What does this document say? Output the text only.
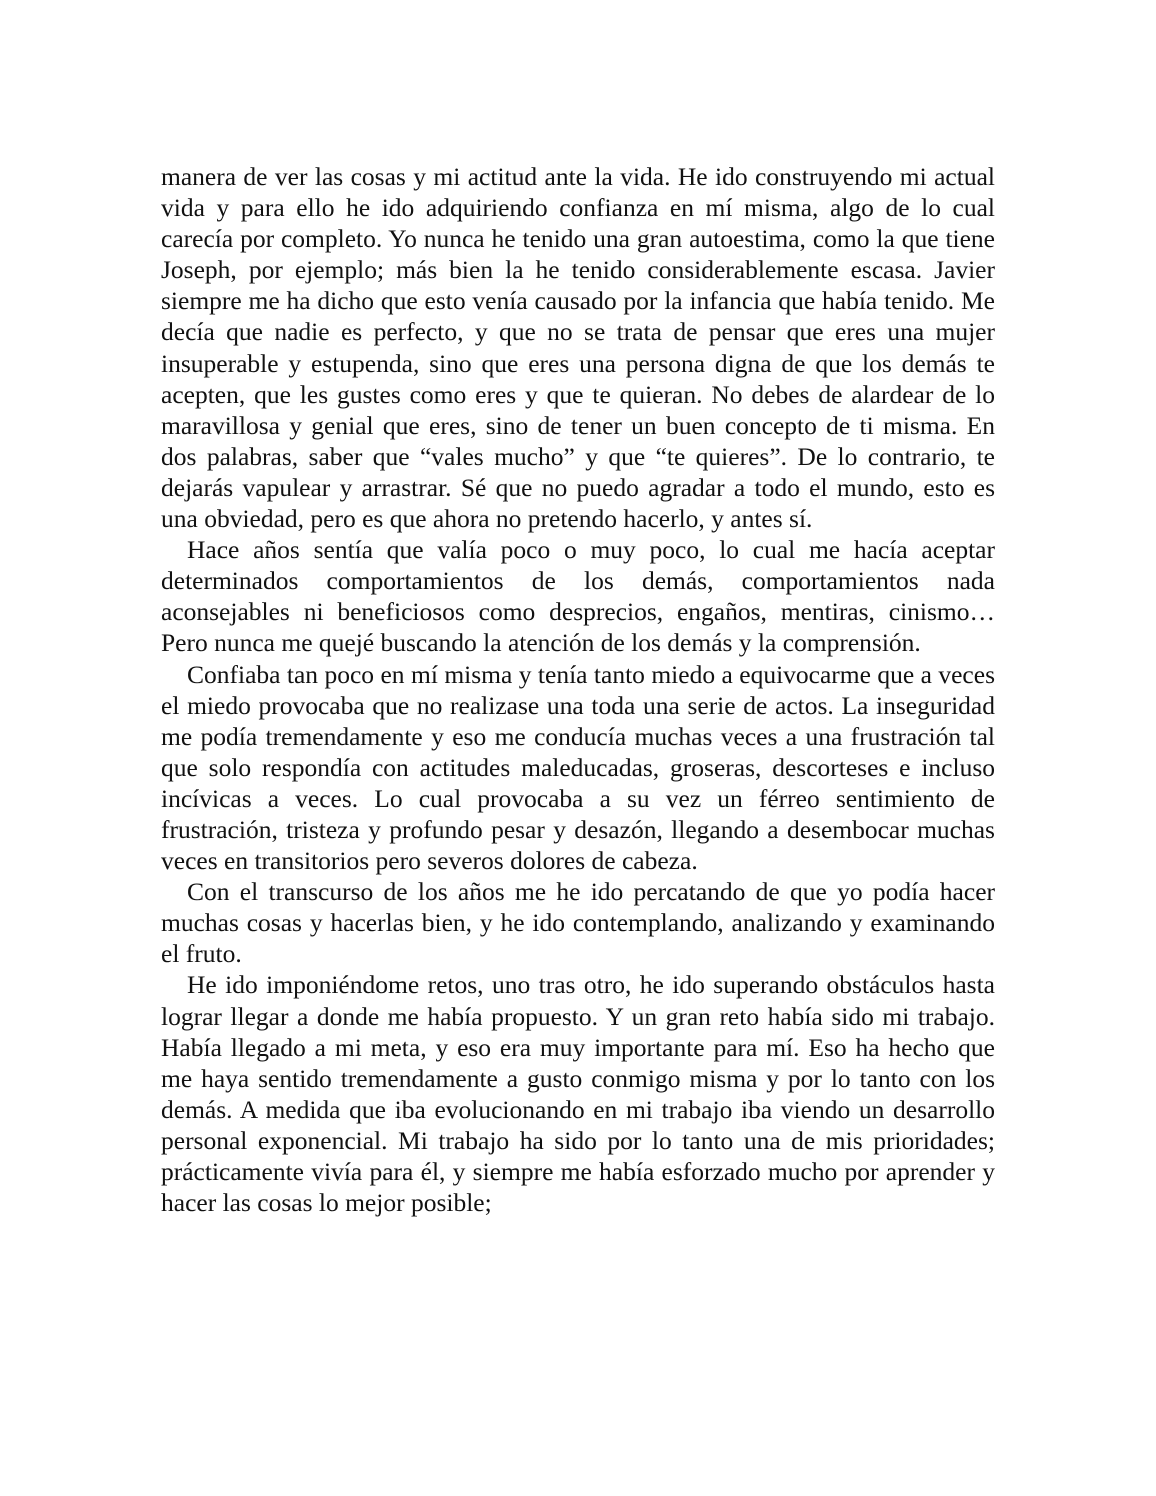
manera de ver las cosas y mi actitud ante la vida. He ido construyendo mi actual vida y para ello he ido adquiriendo confianza en mí misma, algo de lo cual carecía por completo. Yo nunca he tenido una gran autoestima, como la que tiene Joseph, por ejemplo; más bien la he tenido considerablemente escasa. Javier siempre me ha dicho que esto venía causado por la infancia que había tenido. Me decía que nadie es perfecto, y que no se trata de pensar que eres una mujer insuperable y estupenda, sino que eres una persona digna de que los demás te acepten, que les gustes como eres y que te quieran. No debes de alardear de lo maravillosa y genial que eres, sino de tener un buen concepto de ti misma. En dos palabras, saber que “vales mucho” y que “te quieres”. De lo contrario, te dejarás vapulear y arrastrar. Sé que no puedo agradar a todo el mundo, esto es una obviedad, pero es que ahora no pretendo hacerlo, y antes sí.

Hace años sentía que valía poco o muy poco, lo cual me hacía aceptar determinados comportamientos de los demás, comportamientos nada aconsejables ni beneficiosos como desprecios, engaños, mentiras, cinismo… Pero nunca me quejé buscando la atención de los demás y la comprensión.

Confiaba tan poco en mí misma y tenía tanto miedo a equivocarme que a veces el miedo provocaba que no realizase una toda una serie de actos. La inseguridad me podía tremendamente y eso me conducía muchas veces a una frustración tal que solo respondía con actitudes maleducadas, groseras, descorteses e incluso incívicas a veces. Lo cual provocaba a su vez un férreo sentimiento de frustración, tristeza y profundo pesar y desazón, llegando a desembocar muchas veces en transitorios pero severos dolores de cabeza.

Con el transcurso de los años me he ido percatando de que yo podía hacer muchas cosas y hacerlas bien, y he ido contemplando, analizando y examinando el fruto.

He ido imponiéndome retos, uno tras otro, he ido superando obstáculos hasta lograr llegar a donde me había propuesto. Y un gran reto había sido mi trabajo. Había llegado a mi meta, y eso era muy importante para mí. Eso ha hecho que me haya sentido tremendamente a gusto conmigo misma y por lo tanto con los demás. A medida que iba evolucionando en mi trabajo iba viendo un desarrollo personal exponencial. Mi trabajo ha sido por lo tanto una de mis prioridades; prácticamente vivía para él, y siempre me había esforzado mucho por aprender y hacer las cosas lo mejor posible;
